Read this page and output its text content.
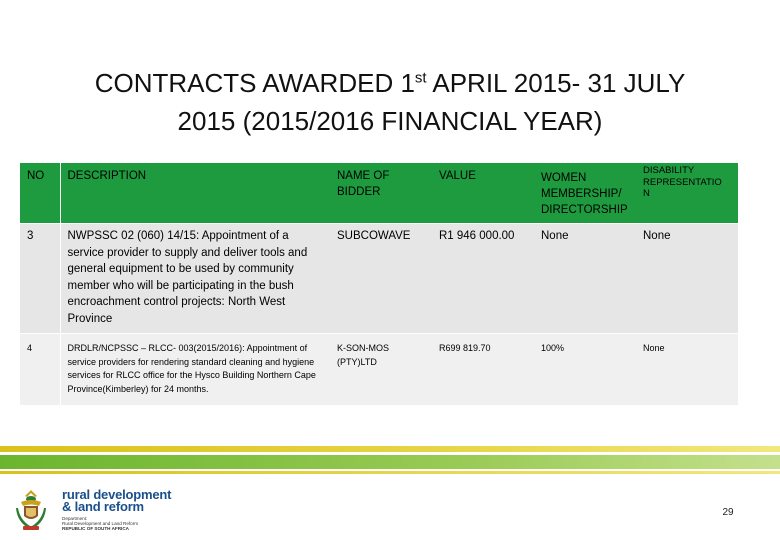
CONTRACTS AWARDED 1st APRIL 2015- 31 JULY
2015 (2015/2016 FINANCIAL YEAR)
NO	DESCRIPTION	NAME OF BIDDER	VALUE	WOMEN MEMBERSHIP/ DIRECTORSHIP	DISABILITY REPRESENTATIO N
3	NWPSSC 02 (060) 14/15: Appointment of a service provider to supply and deliver tools and general equipment to be used by community member who will be participating in the bush encroachment control projects: North West Province	SUBCOWAVE	R1 946 000.00	None	None
4	DRDLR/NCPSSC – RLCC- 003(2015/2016): Appointment of service providers for rendering standard cleaning and hygiene services for RLCC office for the Hysco Building Northern Cape Province(Kimberley) for 24 months.	K-SON-MOS (PTY)LTD	R699 819.70	100%	None
rural development
& land reform
Department:
Rural Development and Land Reform
REPUBLIC OF SOUTH AFRICA
29
